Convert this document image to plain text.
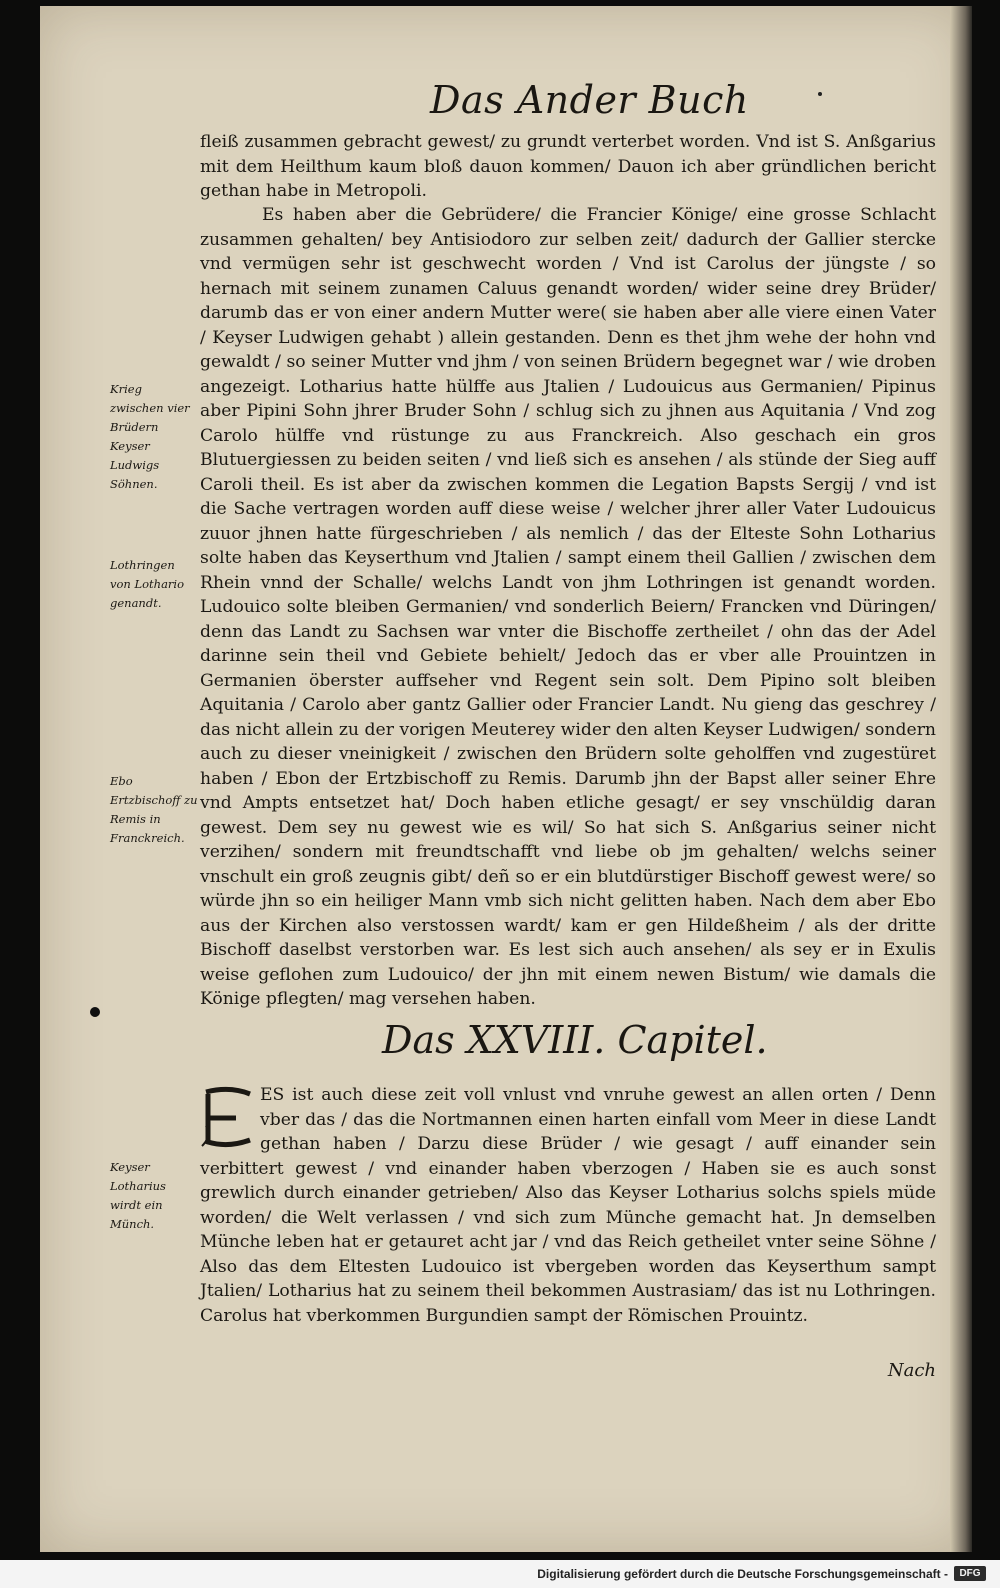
Das Ander Buch

fleiß zusammen gebracht gewest/ zu grundt verterbet worden. Vnd ist S. Anßgarius mit dem Heilthum kaum bloß dauon kommen/ Dauon ich aber gründlichen bericht gethan habe in Metropoli.

Es haben aber die Gebrüdere/ die Francier Könige/ eine grosse Schlacht zusammen gehalten/ bey Antisiodoro zur selben zeit/ dadurch der Gallier stercke vnd vermügen sehr ist geschwecht worden / Vnd ist Carolus der jüngste / so hernach mit seinem zunamen Caluus genandt worden/ wider seine drey Brüder/ darumb das er von einer andern Mutter were( sie haben aber alle viere einen Vater / Keyser Ludwigen gehabt ) allein gestanden. Denn es thet jhm wehe der hohn vnd gewaldt / so seiner Mutter vnd jhm / von seinen Brüdern begegnet war / wie droben angezeigt. Lotharius hatte hülffe aus Jtalien / Ludouicus aus Germanien/ Pipinus aber Pipini Sohn jhrer Bruder Sohn / schlug sich zu jhnen aus Aquitania / Vnd zog Carolo hülffe vnd rüstunge zu aus Franckreich. Also geschach ein gros Blutuergiessen zu beiden seiten / vnd ließ sich es ansehen / als stünde der Sieg auff Caroli theil. Es ist aber da zwischen kommen die Legation Bapsts Sergij / vnd ist die Sache vertragen worden auff diese weise / welcher jhrer aller Vater Ludouicus zuuor jhnen hatte fürgeschrieben / als nemlich / das der Elteste Sohn Lotharius solte haben das Keyserthum vnd Jtalien / sampt einem theil Gallien / zwischen dem Rhein vnnd der Schalle/ welchs Landt von jhm Lothringen ist genandt worden. Ludouico solte bleiben Germanien/ vnd sonderlich Beiern/ Francken vnd Düringen/ denn das Landt zu Sachsen war vnter die Bischoffe zertheilet / ohn das der Adel darinne sein theil vnd Gebiete behielt/ Jedoch das er vber alle Prouintzen in Germanien öberster auffseher vnd Regent sein solt. Dem Pipino solt bleiben Aquitania / Carolo aber gantz Gallier oder Francier Landt. Nu gieng das geschrey / das nicht allein zu der vorigen Meuterey wider den alten Keyser Ludwigen/ sondern auch zu dieser vneinigkeit / zwischen den Brüdern solte geholffen vnd zugestüret haben / Ebon der Ertzbischoff zu Remis. Darumb jhn der Bapst aller seiner Ehre vnd Ampts entsetzet hat/ Doch haben etliche gesagt/ er sey vnschüldig daran gewest. Dem sey nu gewest wie es wil/ So hat sich S. Anßgarius seiner nicht verzihen/ sondern mit freundtschafft vnd liebe ob jm gehalten/ welchs seiner vnschult ein groß zeugnis gibt/ deñ so er ein blutdürstiger Bischoff gewest were/ so würde jhn so ein heiliger Mann vmb sich nicht gelitten haben. Nach dem aber Ebo aus der Kirchen also verstossen wardt/ kam er gen Hildeßheim / als der dritte Bischoff daselbst verstorben war. Es lest sich auch ansehen/ als sey er in Exulis weise geflohen zum Ludouico/ der jhn mit einem newen Bistum/ wie damals die Könige pflegten/ mag versehen haben.

Krieg zwischen vier Brüdern Keyser Ludwigs Söhnen.
Lothringen von Lothario genandt.
Ebo Ertzbischoff zu Remis in Franckreich.
Keyser Lotharius wirdt ein Münch.
Das XXVIII. Capitel.

ES ist auch diese zeit voll vnlust vnd vnruhe gewest an allen orten / Denn vber das / das die Nortmannen einen harten einfall vom Meer in diese Landt gethan haben / Darzu diese Brüder / wie gesagt / auff einander sein verbittert gewest / vnd einander haben vberzogen / Haben sie es auch sonst grewlich durch einander getrieben/ Also das Keyser Lotharius solchs spiels müde worden/ die Welt verlassen / vnd sich zum Münche gemacht hat. Jn demselben Münche leben hat er getauret acht jar / vnd das Reich getheilet vnter seine Söhne / Also das dem Eltesten Ludouico ist vbergeben worden das Keyserthum sampt Jtalien/ Lotharius hat zu seinem theil bekommen Austrasiam/ das ist nu Lothringen. Carolus hat vberkommen Burgundien sampt der Römischen Prouintz.

Nach
Digitalisierung gefördert durch die Deutsche Forschungsgemeinschaft -	DFG
